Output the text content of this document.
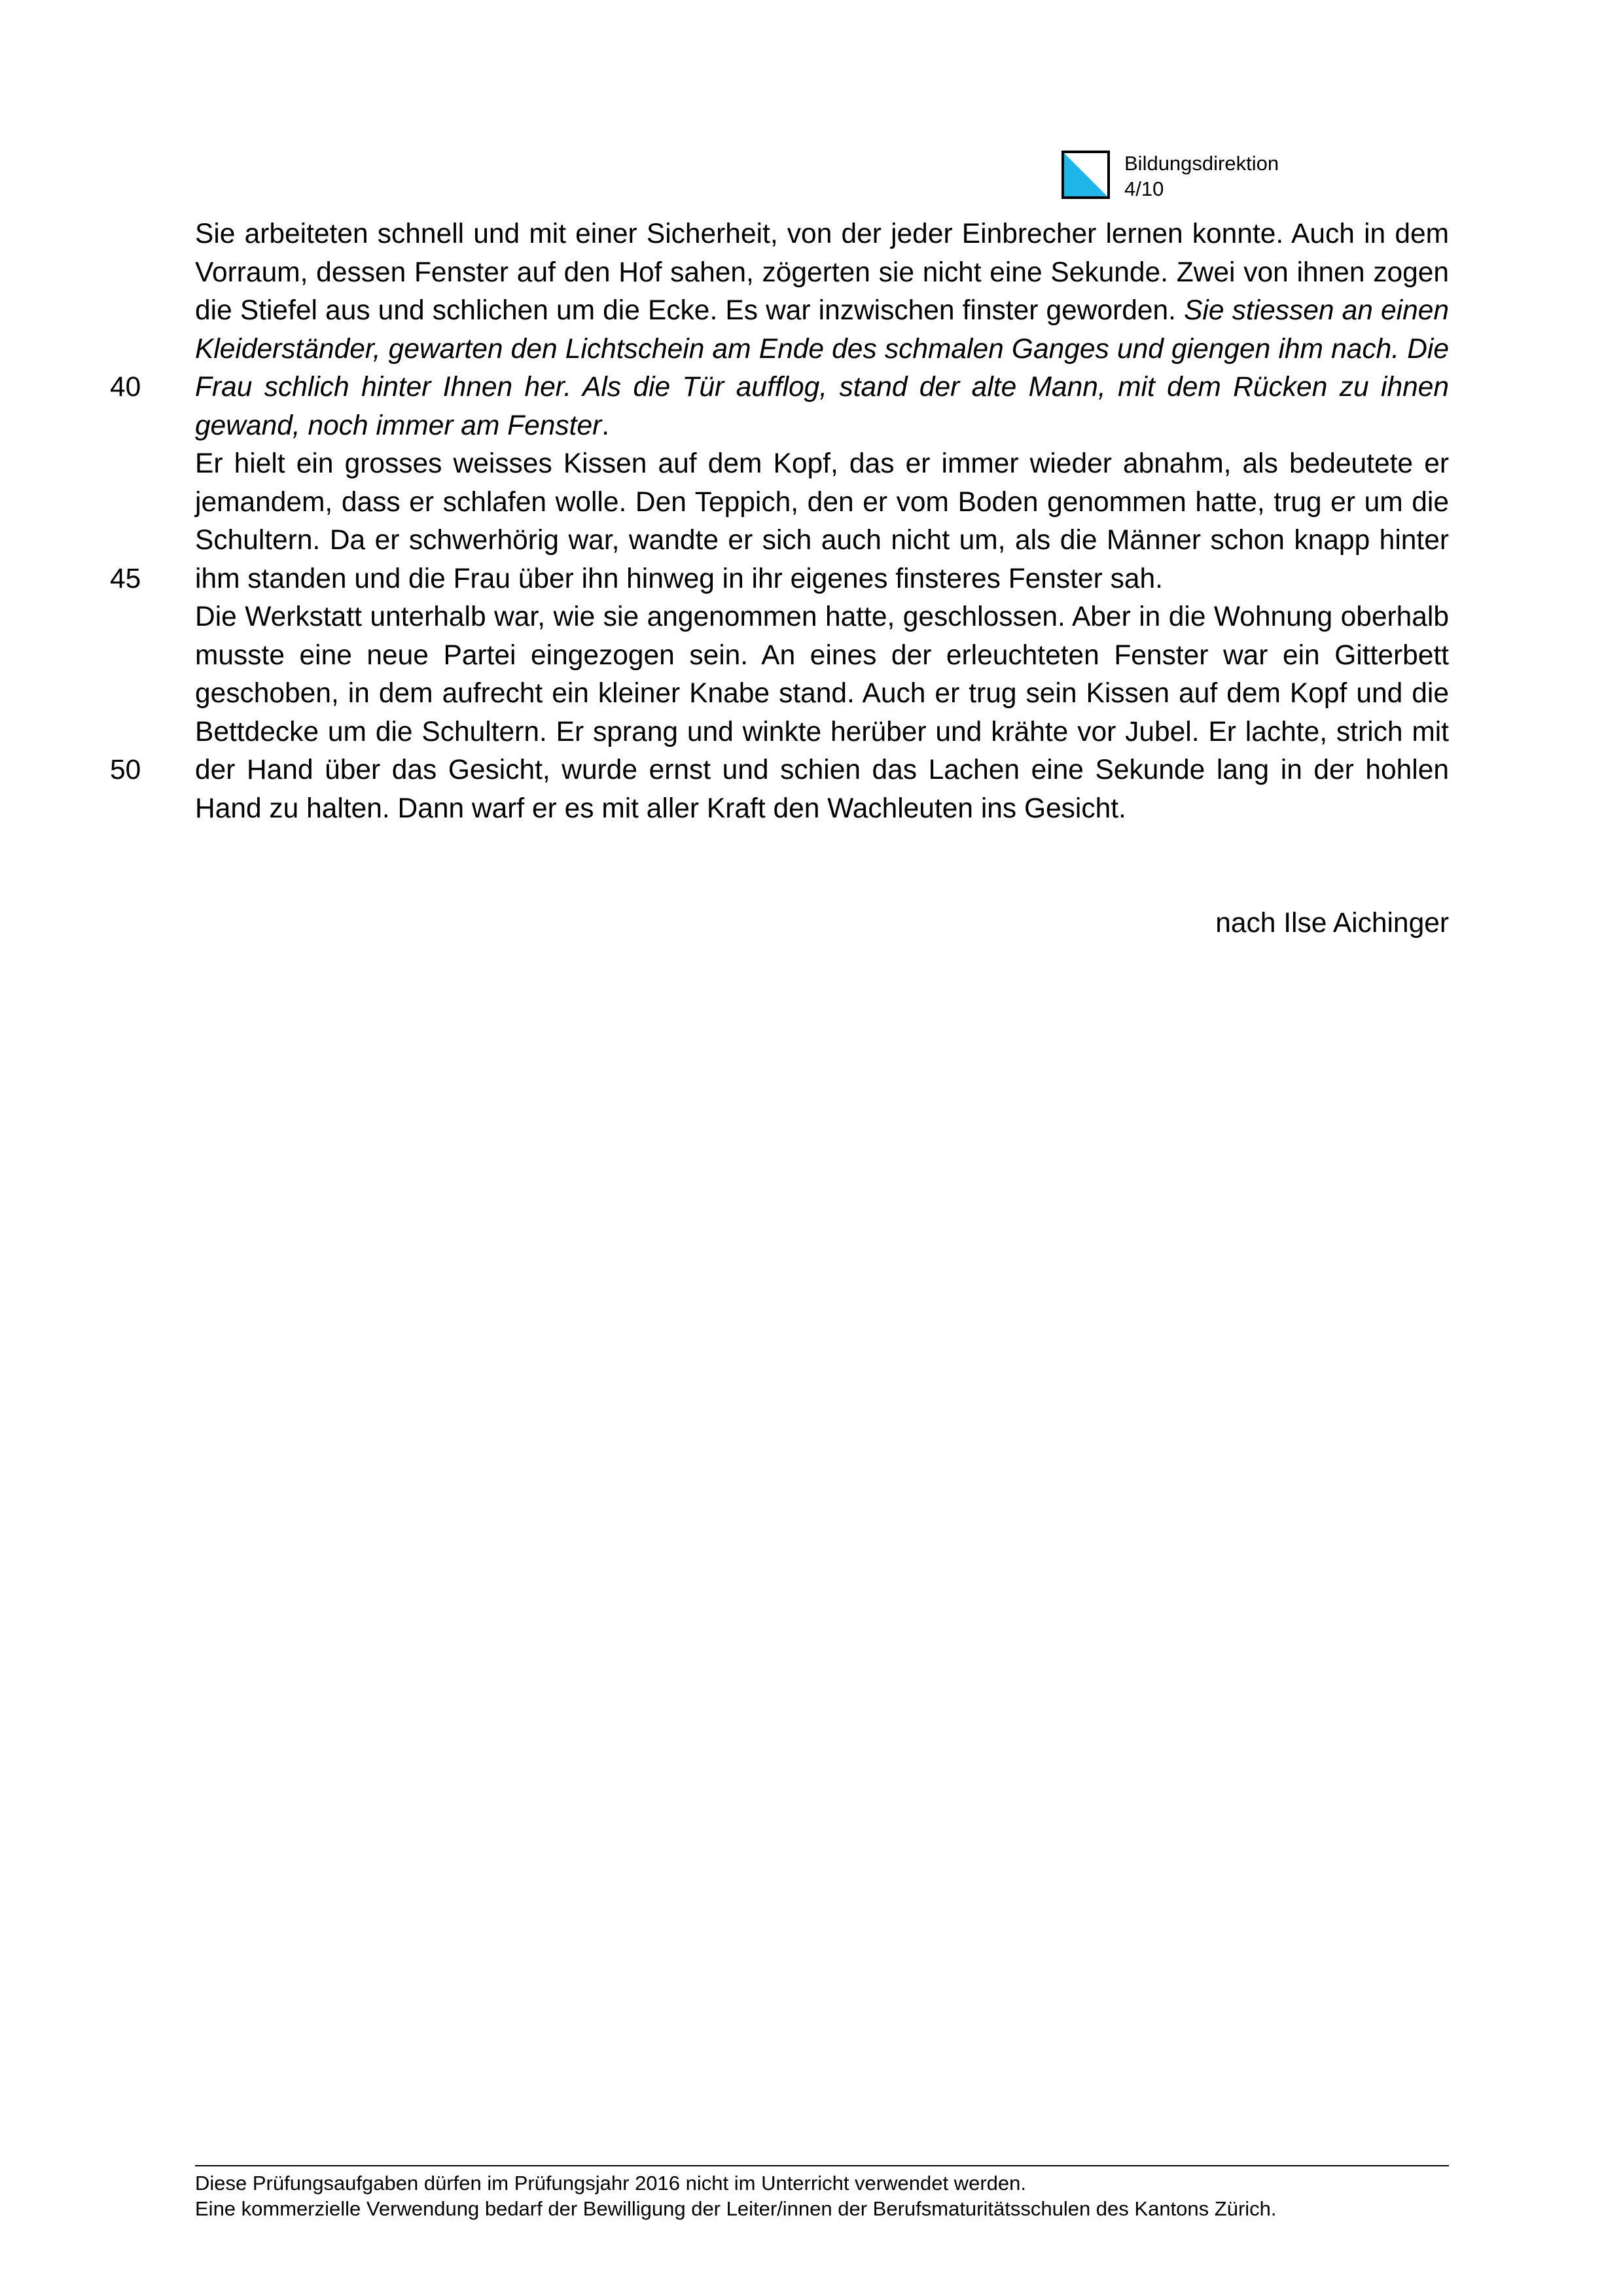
Bildungsdirektion
4/10
40
45
50

Sie arbeiteten schnell und mit einer Sicherheit, von der jeder Einbrecher lernen konnte. Auch in dem Vorraum, dessen Fenster auf den Hof sahen, zögerten sie nicht eine Sekunde. Zwei von ihnen zogen die Stiefel aus und schlichen um die Ecke. Es war inzwischen finster geworden. Sie stiessen an einen Kleiderständer, gewarten den Lichtschein am Ende des schmalen Ganges und giengen ihm nach. Die Frau schlich hinter Ihnen her. Als die Tür aufflog, stand der alte Mann, mit dem Rücken zu ihnen gewand, noch immer am Fenster.

Er hielt ein grosses weisses Kissen auf dem Kopf, das er immer wieder abnahm, als bedeutete er jemandem, dass er schlafen wolle. Den Teppich, den er vom Boden genommen hatte, trug er um die Schultern. Da er schwerhörig war, wandte er sich auch nicht um, als die Männer schon knapp hinter ihm standen und die Frau über ihn hinweg in ihr eigenes finsteres Fenster sah.

Die Werkstatt unterhalb war, wie sie angenommen hatte, geschlossen. Aber in die Wohnung oberhalb musste eine neue Partei eingezogen sein. An eines der erleuchteten Fenster war ein Gitterbett geschoben, in dem aufrecht ein kleiner Knabe stand. Auch er trug sein Kissen auf dem Kopf und die Bettdecke um die Schultern. Er sprang und winkte herüber und krähte vor Jubel. Er lachte, strich mit der Hand über das Gesicht, wurde ernst und schien das Lachen eine Sekunde lang in der hohlen Hand zu halten. Dann warf er es mit aller Kraft den Wachleuten ins Gesicht.

nach Ilse Aichinger
Diese Prüfungsaufgaben dürfen im Prüfungsjahr 2016 nicht im Unterricht verwendet werden.
Eine kommerzielle Verwendung bedarf der Bewilligung der Leiter/innen der Berufsmaturitätsschulen des Kantons Zürich.
